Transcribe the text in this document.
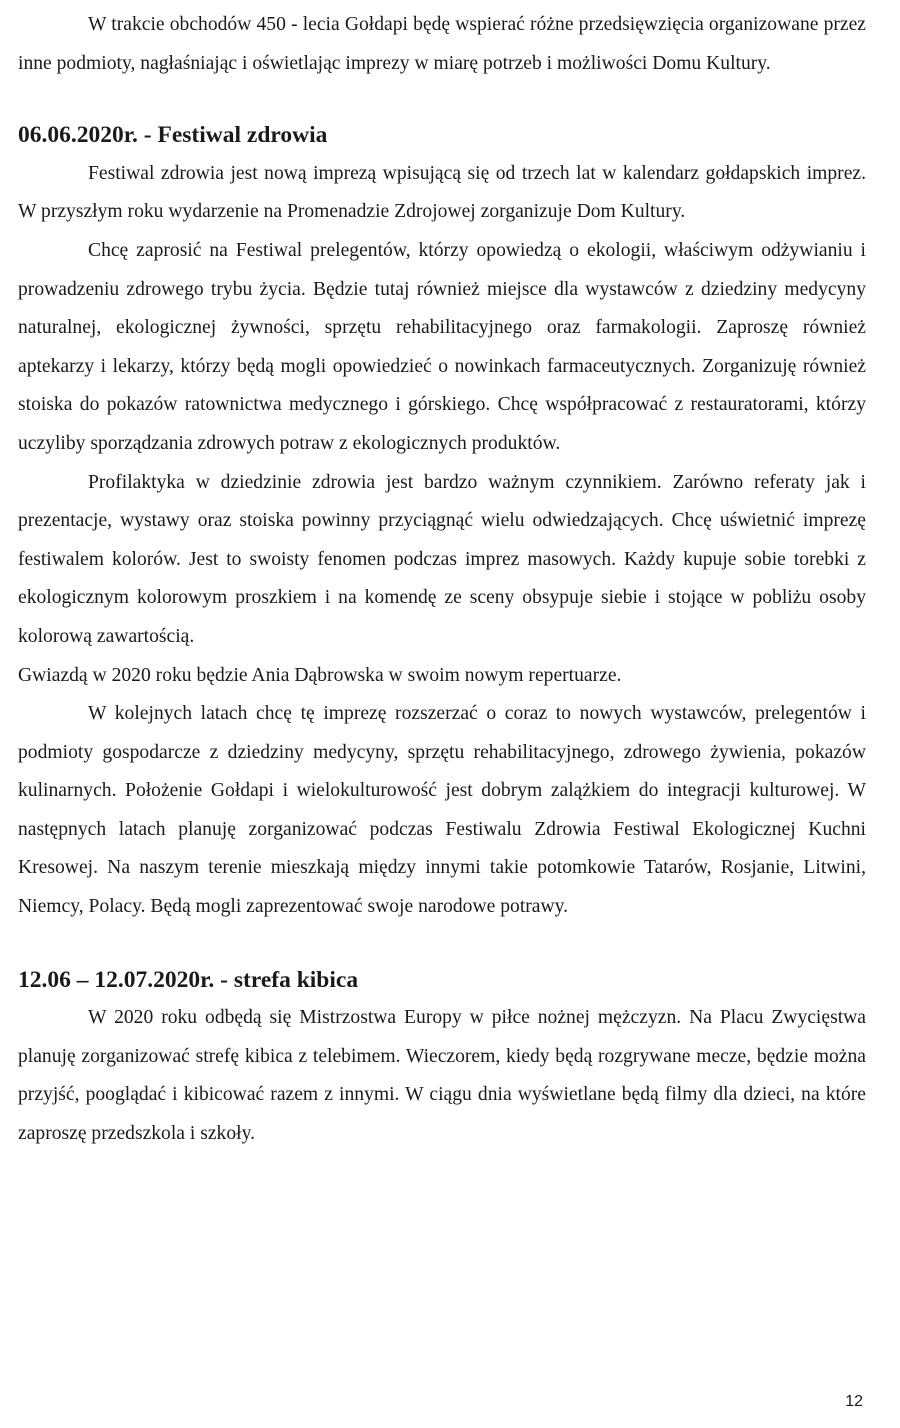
W trakcie obchodów 450 - lecia Gołdapi będę wspierać różne przedsięwzięcia organizowane przez inne podmioty, nagłaśniając i oświetlając imprezy w miarę potrzeb i możliwości Domu Kultury.

06.06.2020r. - Festiwal zdrowia

Festiwal zdrowia jest nową imprezą wpisującą się od trzech lat w kalendarz gołdapskich imprez. W przyszłym roku wydarzenie na Promenadzie Zdrojowej zorganizuje Dom Kultury.

Chcę zaprosić na Festiwal prelegentów, którzy opowiedzą o ekologii, właściwym odżywianiu i prowadzeniu zdrowego trybu życia. Będzie tutaj również miejsce dla wystawców z dziedziny medycyny naturalnej, ekologicznej żywności, sprzętu rehabilitacyjnego oraz farmakologii. Zaproszę również aptekarzy i lekarzy, którzy będą mogli opowiedzieć o nowinkach farmaceutycznych. Zorganizuję również stoiska do pokazów ratownictwa medycznego i górskiego. Chcę współpracować z restauratorami, którzy uczyliby sporządzania zdrowych potraw z ekologicznych produktów.

Profilaktyka w dziedzinie zdrowia jest bardzo ważnym czynnikiem. Zarówno referaty jak i prezentacje, wystawy oraz stoiska powinny przyciągnąć wielu odwiedzających. Chcę uświetnić imprezę festiwalem kolorów. Jest to swoisty fenomen podczas imprez masowych. Każdy kupuje sobie torebki z ekologicznym kolorowym proszkiem i na komendę ze sceny obsypuje siebie i stojące w pobliżu osoby kolorową zawartością.

Gwiazdą w 2020 roku będzie Ania Dąbrowska w swoim nowym repertuarze.

W kolejnych latach chcę tę imprezę rozszerzać o coraz to nowych wystawców, prelegentów i podmioty gospodarcze z dziedziny medycyny, sprzętu rehabilitacyjnego, zdrowego żywienia, pokazów kulinarnych. Położenie Gołdapi i wielokulturowość jest dobrym zalążkiem do integracji kulturowej. W następnych latach planuję zorganizować podczas Festiwalu Zdrowia Festiwal Ekologicznej Kuchni Kresowej. Na naszym terenie mieszkają między innymi takie potomkowie Tatarów, Rosjanie, Litwini, Niemcy, Polacy. Będą mogli zaprezentować swoje narodowe potrawy.

12.06 – 12.07.2020r. - strefa kibica

W 2020 roku odbędą się Mistrzostwa Europy w piłce nożnej mężczyzn. Na Placu Zwycięstwa planuję zorganizować strefę kibica z telebimem. Wieczorem, kiedy będą rozgrywane mecze, będzie można przyjść, pooglądać i kibicować razem z innymi. W ciągu dnia wyświetlane będą filmy dla dzieci, na które zaproszę przedszkola i szkoły.

12
